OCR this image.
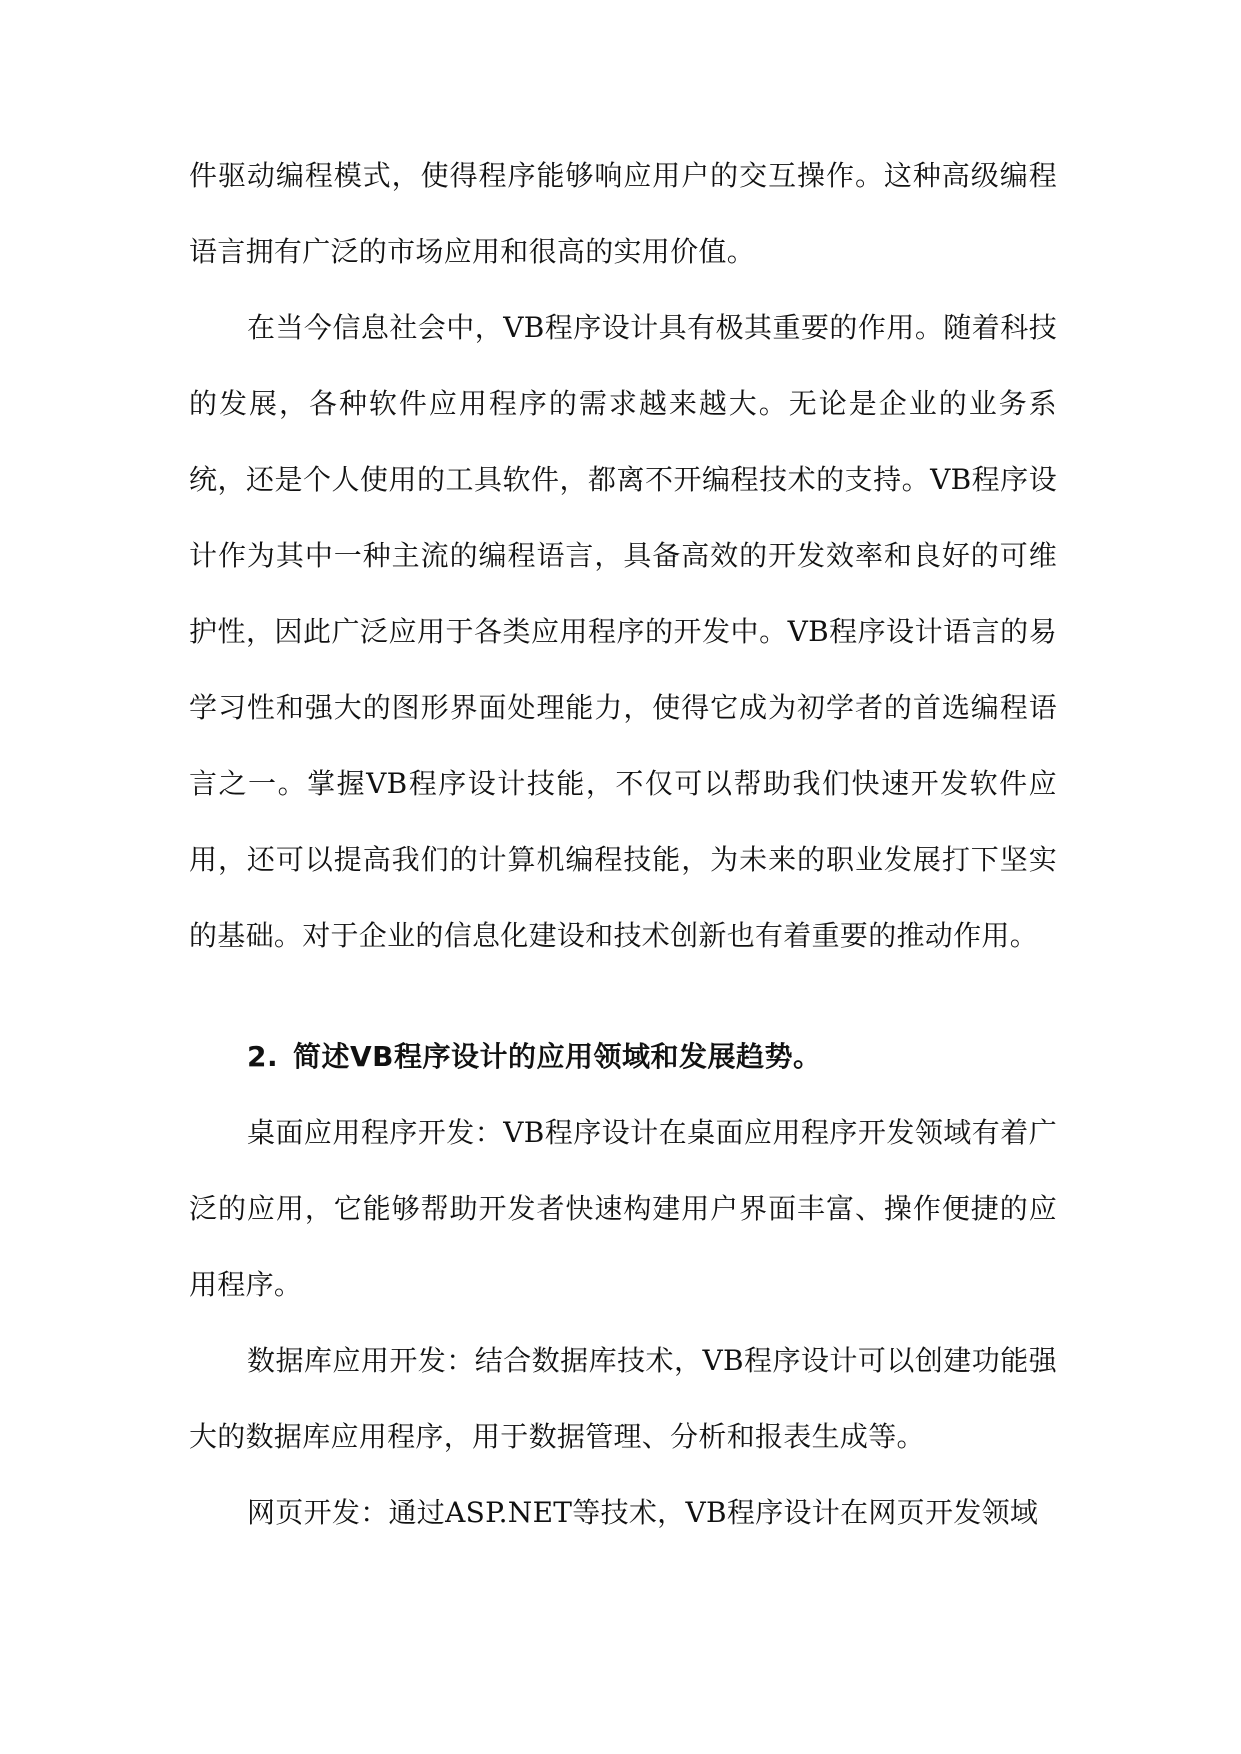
件驱动编程模式，使得程序能够响应用户的交互操作。这种高级编程语言拥有广泛的市场应用和很高的实用价值。

在当今信息社会中，VB程序设计具有极其重要的作用。随着科技的发展，各种软件应用程序的需求越来越大。无论是企业的业务系统，还是个人使用的工具软件，都离不开编程技术的支持。VB程序设计作为其中一种主流的编程语言，具备高效的开发效率和良好的可维护性，因此广泛应用于各类应用程序的开发中。VB程序设计语言的易学习性和强大的图形界面处理能力，使得它成为初学者的首选编程语言之一。掌握VB程序设计技能，不仅可以帮助我们快速开发软件应用，还可以提高我们的计算机编程技能，为未来的职业发展打下坚实的基础。对于企业的信息化建设和技术创新也有着重要的推动作用。

2. 简述VB程序设计的应用领域和发展趋势。

桌面应用程序开发：VB程序设计在桌面应用程序开发领域有着广泛的应用，它能够帮助开发者快速构建用户界面丰富、操作便捷的应用程序。

数据库应用开发：结合数据库技术，VB程序设计可以创建功能强大的数据库应用程序，用于数据管理、分析和报表生成等。

网页开发：通过ASP.NET等技术，VB程序设计在网页开发领域
